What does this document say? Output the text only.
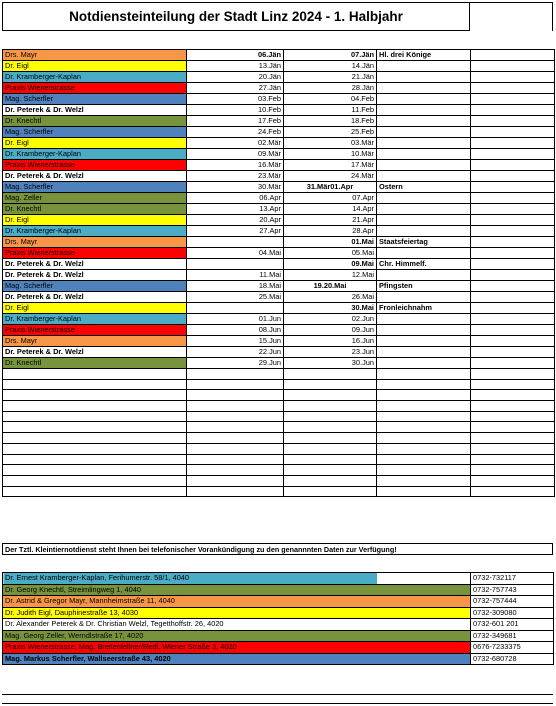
Notdiensteinteilung der Stadt Linz 2024 - 1. Halbjahr
Drs. Mayr	06.Jän	07.Jän	Hl. drei Könige	
Dr. Eigl	13.Jän	14.Jän		
Dr. Kramberger-Kaplan	20.Jän	21.Jän		
Praxis Wienerstrasse	27.Jän	28.Jän		
Mag. Scherfler	03.Feb	04.Feb		
Dr. Peterek & Dr. Welzl	10.Feb	11.Feb		
Dr. Knechtl	17.Feb	18.Feb		
Mag. Scherfler	24.Feb	25.Feb		
Dr. Eigl	02.Mär	03.Mär		
Dr. Kramberger-Kaplan	09.Mär	10.Mär		
Praxis Wienerstrasse	16.Mär	17.Mär		
Dr. Peterek & Dr. Welzl	23.Mär	24.Mär		
Mag. Scherfler	30.Mär	31.Mär01.Apr	Ostern	
Mag. Zeller	06.Apr	07.Apr		
Dr. Knechtl	13.Apr	14.Apr		
Dr. Eigl	20.Apr	21.Apr		
Dr. Kramberger-Kaplan	27.Apr	28.Apr		
Drs. Mayr		01.Mai	Staatsfeiertag	
Praxis Wienerstrasse	04.Mai	05.Mai		
Dr. Peterek & Dr. Welzl		09.Mai	Chr. Himmelf.	
Dr. Peterek & Dr. Welzl	11.Mai	12.Mai		
Mag. Scherfler	18.Mai	19.20.Mai	Pfingsten	
Dr. Peterek & Dr. Welzl	25.Mai	26.Mai		
Dr. Eigl		30.Mai	Fronleichnahm	
Dr. Kramberger-Kaplan	01.Jun	02.Jun		
Praxis Wienerstrasse	08.Jun	09.Jun		
Drs. Mayr	15.Jun	16.Jun		
Dr. Peterek & Dr. Welzl	22.Jun	23.Jun		
Dr. Knechtl	29.Jun	30.Jun		

Der Tztl. Kleintiernotdienst steht Ihnen bei telefonischer Vorankündigung zu den genannnten Daten zur Verfügung!
Dr. Ernest Kramberger-Kaplan, Ferihumerstr. 58/1, 4040	0732-732117
Dr. Georg Knechtl, Streimlingweg 1, 4040	0732-757743
Dr. Astrid & Gregor Mayr, Mannheimstraße 11, 4040	0732-757444
Dr. Judith Eigl, Dauphinestraße 13, 4030	0732-309080
Dr. Alexander Peterek & Dr. Christian Welzl, Tegetthoffstr. 26, 4020	0732-601 201
Mag. Georg Zeller, Werndlstraße 17, 4020	0732-349681
Praxis Wienerstrasse, Mag. Breitenfellner/Redl, Wiener Straße 3, 4020	0676-7233375
Mag. Markus Scherfler, Wallseerstraße 43, 4020	0732-680728
